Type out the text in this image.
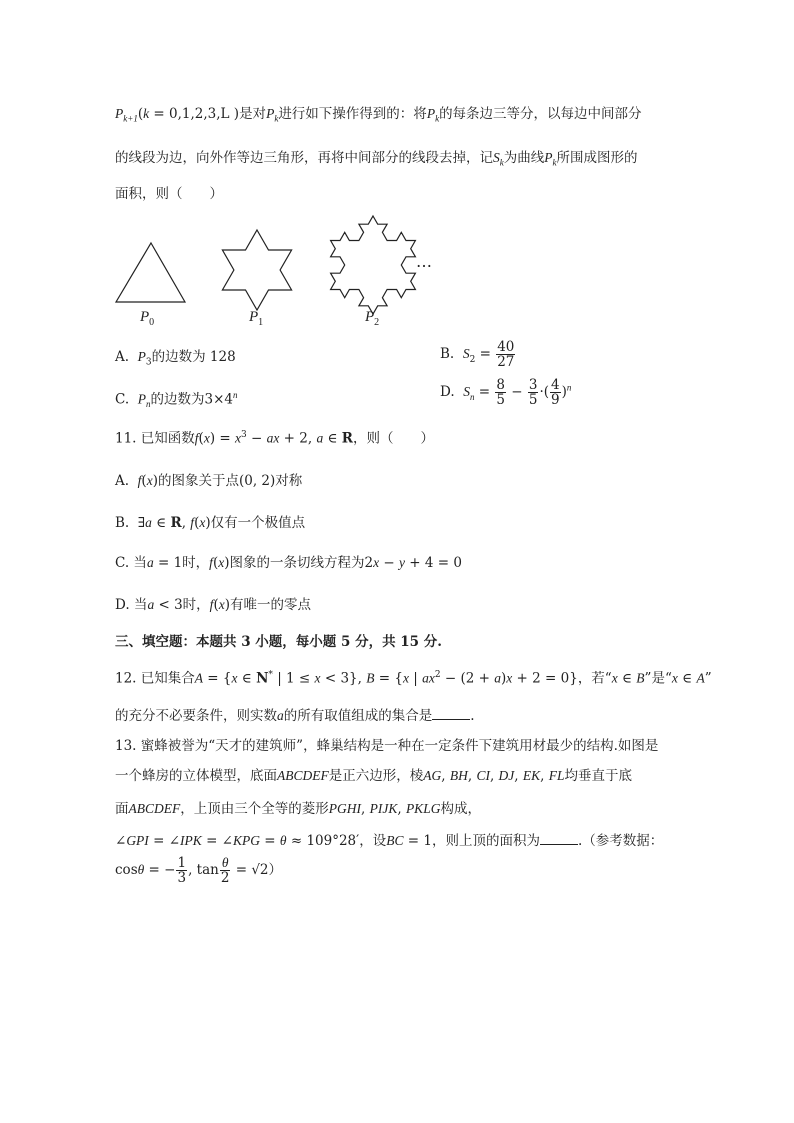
$P_{k+1}(k = 0,1,2,3,L$ )是对$P_k$进行如下操作得到的：将$P_k$的每条边三等分，以每边中间部分
的线段为边，向外作等边三角形，再将中间部分的线段去掉，记$S_k$为曲线$P_k$所围成图形的
面积，则（　　）
…
$P_0$	$P_1$	$P_2$
A. $P_3$的边数为 128	B. $S_2 = \frac{40}{27}$
C. $P_n$的边数为$3\times 4^n$	D. $S_n = \frac{8}{5} - \frac{3}{5}$ ·( $\frac{4}{9} )^n$
11. 已知函数$f(x) = x^3$ − ax + 2, a ∈ R，则（　　）
A. f(x)的图象关于点(0, 2)对称
B. ∃a ∈ R, f(x)仅有一个极值点
C. 当a = 1时，f(x)图象的一条切线方程为2x − y + 4 = 0
D. 当a < 3时，f(x)有唯一的零点
三、填空题：本题共 3 小题，每小题 5 分，共 15 分.
12. 已知集合A = {x ∈ N* | 1 ≤ x < 3}, B = {x | $ax^2 - (2 + a)x + 2 = 0$}，若“x ∈ B”是“x ∈ A”
的充分不必要条件，则实数a的所有取值组成的集合是	.
13. 蜜蜂被誉为“天才的建筑师”，蜂巢结构是一种在一定条件下建筑用材最少的结构.如图是
一个蜂房的立体模型，底面ABCDEF是正六边形，棱AG, BH, CI, DJ, EK, FL均垂直于底
面ABCDEF，上顶由三个全等的菱形PGHI, PIJK, PKLG构成，
∠GPI = ∠IPK = ∠KPG = θ ≈ 109°28′，设BC = 1，则上顶的面积为	.（参考数据：
cosθ = − $\frac{1}{3}$ , $\tan \frac{\theta}{2} = √2$）
